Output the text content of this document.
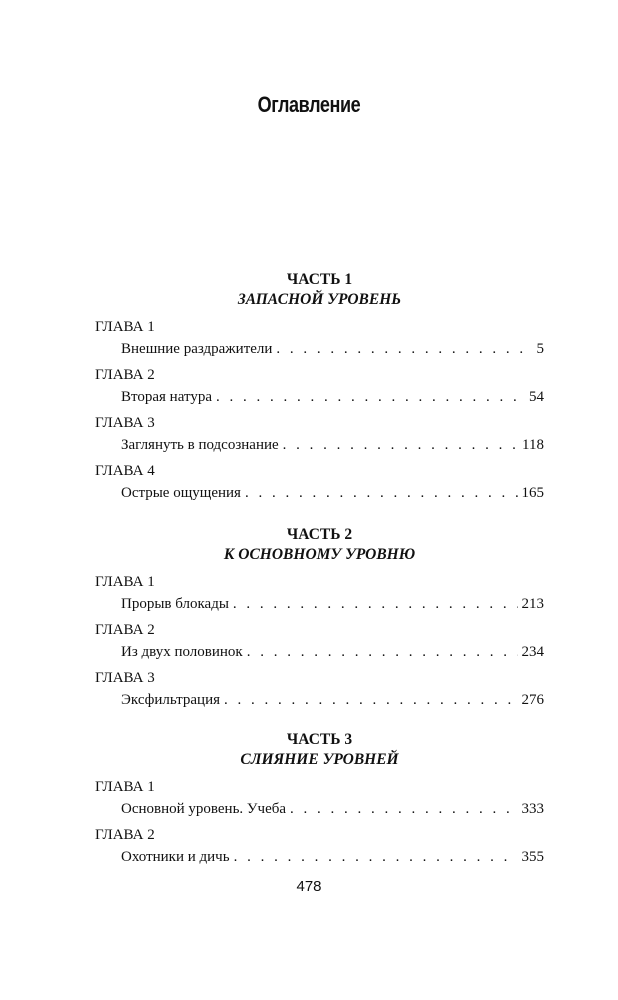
Оглавление
ЧАСТЬ 1
ЗАПАСНОЙ УРОВЕНЬ
ГЛАВА 1
Внешние раздражители . . .	5
ГЛАВА 2
Вторая натура . . .	54
ГЛАВА 3
Заглянуть в подсознание . . .	118
ГЛАВА 4
Острые ощущения . . .	165
ЧАСТЬ 2
К ОСНОВНОМУ УРОВНЮ
ГЛАВА 1
Прорыв блокады . . .	213
ГЛАВА 2
Из двух половинок . . .	234
ГЛАВА 3
Эксфильтрация . . .	276
ЧАСТЬ 3
СЛИЯНИЕ УРОВНЕЙ
ГЛАВА 1
Основной уровень. Учеба . . .	333
ГЛАВА 2
Охотники и дичь . . .	355
478
